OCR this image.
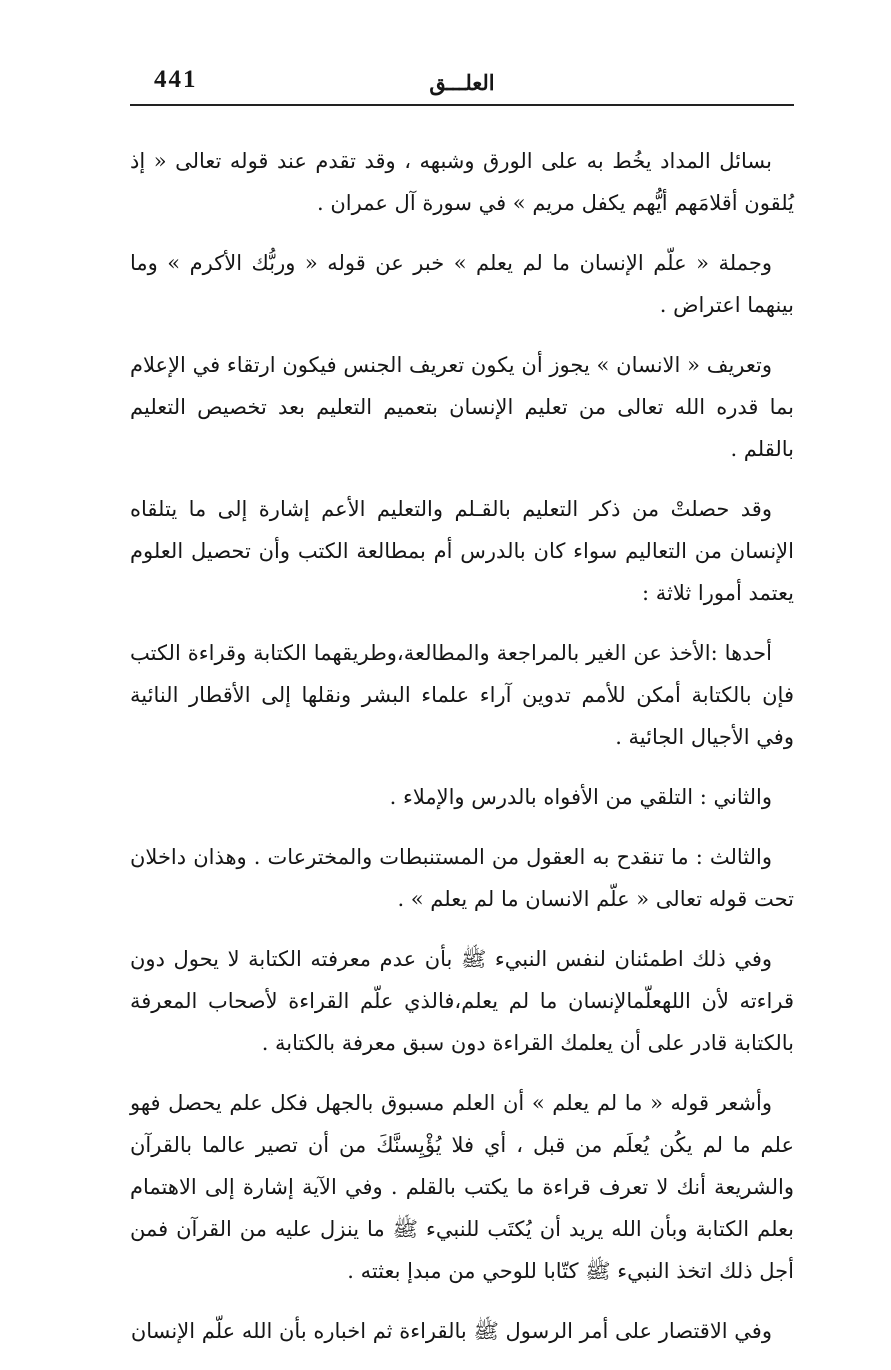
441	العلـــق

بسائل المداد يخُط به على الورق وشبهه ، وقد تقدم عند قوله تعالى « إذ يُلقون أقلامَهم أيُّهم يكفل مريم » في سورة آل عمران .

وجملة « علّم الإنسان ما لم يعلم » خبر عن قوله « وربُّك الأكرم » وما بينهما اعتراض .

وتعريف « الانسان » يجوز أن يكون تعريف الجنس فيكون ارتقاء في الإعلام بما قدره الله تعالى من تعليم الإنسان بتعميم التعليم بعد تخصيص التعليم بالقلم .

وقد حصلتْ من ذكر التعليم بالقـلم والتعليم الأعم إشارة إلى ما يتلقاه الإنسان من التعاليم سواء كان بالدرس أم بمطالعة الكتب وأن تحصيل العلوم يعتمد أمورا ثلاثة :

أحدها :الأخذ عن الغير بالمراجعة والمطالعة،وطريقهما الكتابة وقراءة الكتب فإن بالكتابة أمكن للأمم تدوين آراء علماء البشر ونقلها إلى الأقطار النائية وفي الأجيال الجائية .

والثاني : التلقي من الأفواه بالدرس والإملاء .

والثالث : ما تنقدح به العقول من المستنبطات والمخترعات . وهذان داخلان تحت قوله تعالى « علّم الانسان ما لم يعلم » .

وفي ذلك اطمئنان لنفس النبيء ﷺ بأن عدم معرفته الكتابة لا يحول دون قراءته لأن اللهعلّمالإنسان ما لم يعلم،فالذي علّم القراءة لأصحاب المعرفة بالكتابة قادر على أن يعلمك القراءة دون سبق معرفة بالكتابة .

وأشعر قوله « ما لم يعلم » أن العلم مسبوق بالجهل فكل علم يحصل فهو علم ما لم يكُن يُعلَم من قبل ، أي فلا يُؤْيِسنَّكَ من أن تصير عالما بالقرآن والشريعة أنك لا تعرف قراءة ما يكتب بالقلم . وفي الآية إشارة إلى الاهتمام بعلم الكتابة وبأن الله يريد أن يُكتَب للنبيء ﷺ ما ينزل عليه من القرآن فمن أجل ذلك اتخذ النبيء ﷺ كتّابا للوحي من مبدإ بعثته .

وفي الاقتصار على أمر الرسول ﷺ بالقراءة ثم اخباره بأن الله علّم الإنسان
